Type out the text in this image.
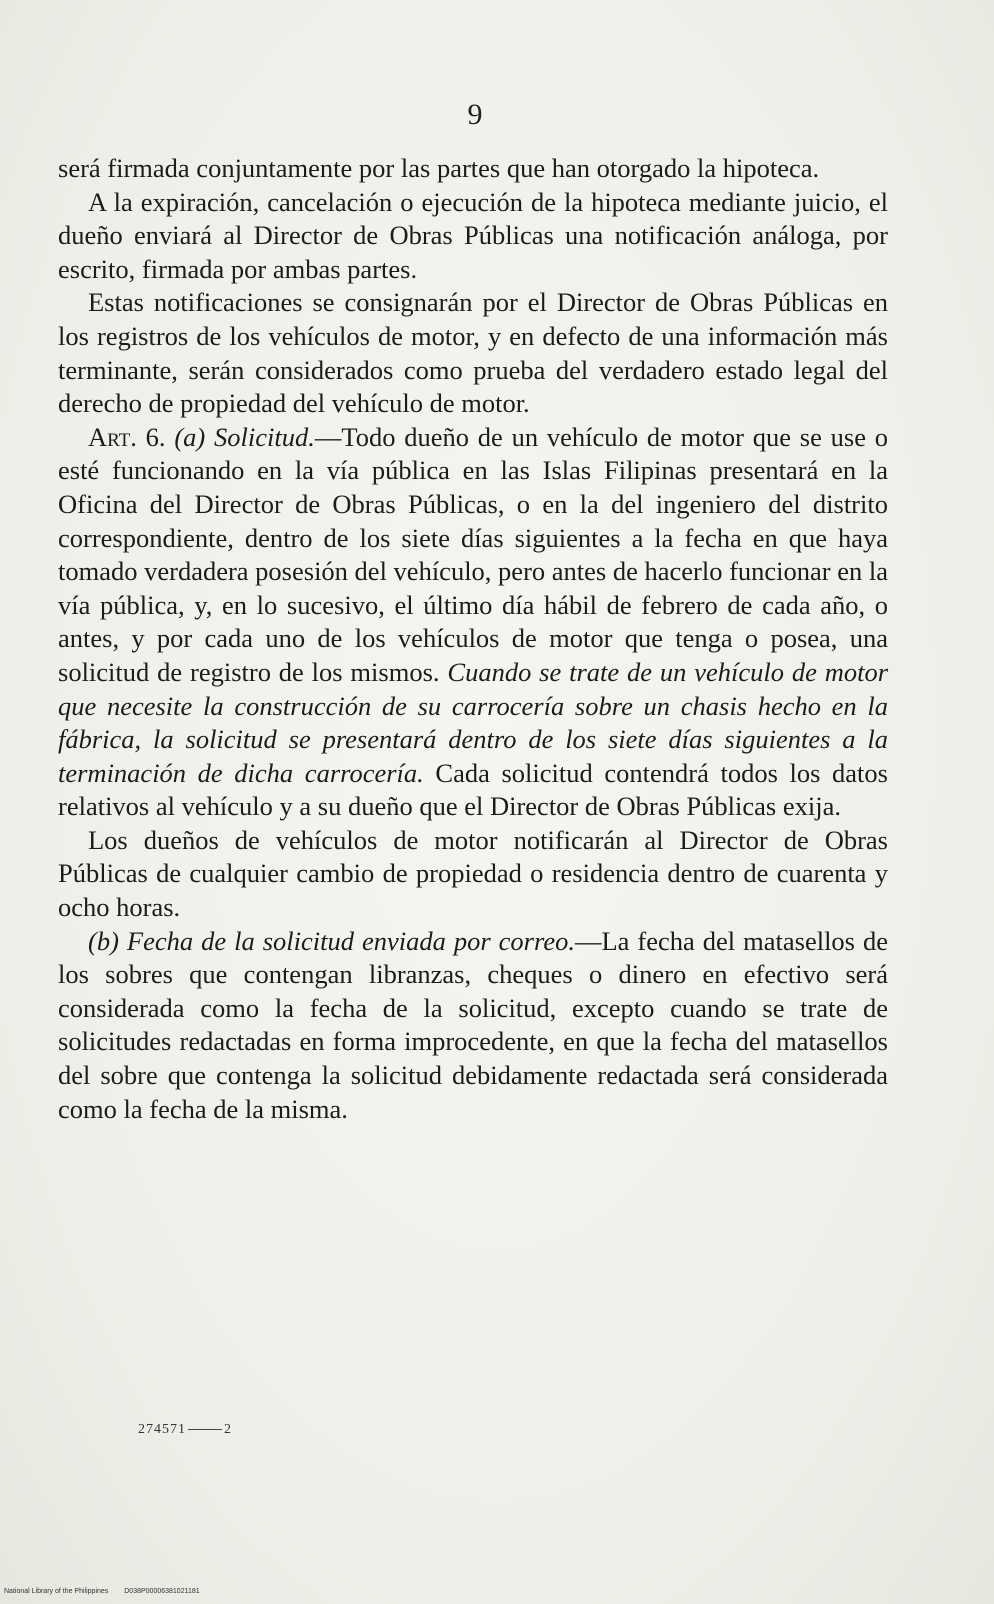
9

será firmada conjuntamente por las partes que han otorgado la hipoteca.

A la expiración, cancelación o ejecución de la hipoteca mediante juicio, el dueño enviará al Director de Obras Públicas una notificación análoga, por escrito, firmada por ambas partes.

Estas notificaciones se consignarán por el Director de Obras Públicas en los registros de los vehículos de motor, y en defecto de una información más terminante, serán considerados como prueba del verdadero estado legal del derecho de propiedad del vehículo de motor.

Art. 6. (a) Solicitud.—Todo dueño de un vehículo de motor que se use o esté funcionando en la vía pública en las Islas Filipinas presentará en la Oficina del Director de Obras Públicas, o en la del ingeniero del distrito correspondiente, dentro de los siete días siguientes a la fecha en que haya tomado verdadera posesión del vehículo, pero antes de hacerlo funcionar en la vía pública, y, en lo sucesivo, el último día hábil de febrero de cada año, o antes, y por cada uno de los vehículos de motor que tenga o posea, una solicitud de registro de los mismos. Cuando se trate de un vehículo de motor que necesite la construcción de su carrocería sobre un chasis hecho en la fábrica, la solicitud se presentará dentro de los siete días siguientes a la terminación de dicha carrocería. Cada solicitud contendrá todos los datos relativos al vehículo y a su dueño que el Director de Obras Públicas exija.

Los dueños de vehículos de motor notificarán al Director de Obras Públicas de cualquier cambio de propiedad o residencia dentro de cuarenta y ocho horas.

(b) Fecha de la solicitud enviada por correo.—La fecha del matasellos de los sobres que contengan libranzas, cheques o dinero en efectivo será considerada como la fecha de la solicitud, excepto cuando se trate de solicitudes redactadas en forma improcedente, en que la fecha del matasellos del sobre que contenga la solicitud debidamente redactada será considerada como la fecha de la misma.

274571	2
National Library of the Philippines D038P00006381021181
